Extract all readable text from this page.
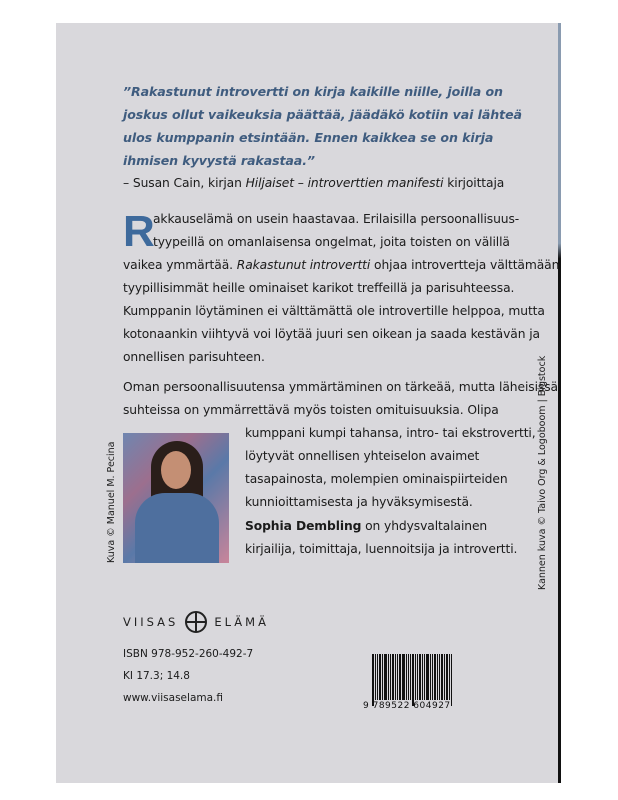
”Rakastunut introvertti on kirja kaikille niille, joilla on
joskus ollut vaikeuksia päättää, jäädäkö kotiin vai lähteä
ulos kumppanin etsintään. Ennen kaikkea se on kirja
ihmisen kyvystä rakastaa.”
– Susan Cain, kirjan Hiljaiset – introverttien manifesti kirjoittaja
R
akkauselämä on usein haastavaa. Erilaisilla persoonallisuus-
tyypeillä on omanlaisensa ongelmat, joita toisten on välillä
vaikea ymmärtää. Rakastunut introvertti ohjaa introvertteja välttämään
tyypillisimmät heille ominaiset karikot treffeillä ja parisuhteessa.
Kumppanin löytäminen ei välttämättä ole introvertille helppoa, mutta
kotonaankin viihtyvä voi löytää juuri sen oikean ja saada kestävän ja
onnellisen parisuhteen.
Oman persoonallisuutensa ymmärtäminen on tärkeää, mutta läheisissä
suhteissa on ymmärrettävä myös toisten omituisuuksia. Olipa
kumppani kumpi tahansa, intro- tai ekstrovertti,
löytyvät onnellisen yhteiselon avaimet
tasapainosta, molempien ominaispiirteiden
kunnioittamisesta ja hyväksymisestä.
Kuva © Manuel M. Pecina	Kannen kuva © Taivo Org & Logoboom | Bigstock
Sophia Dembling on yhdysvaltalainen
kirjailija, toimittaja, luennoitsija ja introvertti.
VIISAS	ELÄMÄ
ISBN 978-952-260-492-7
KI 17.3; 14.8
www.viisaselama.fi
9 789522 604927
